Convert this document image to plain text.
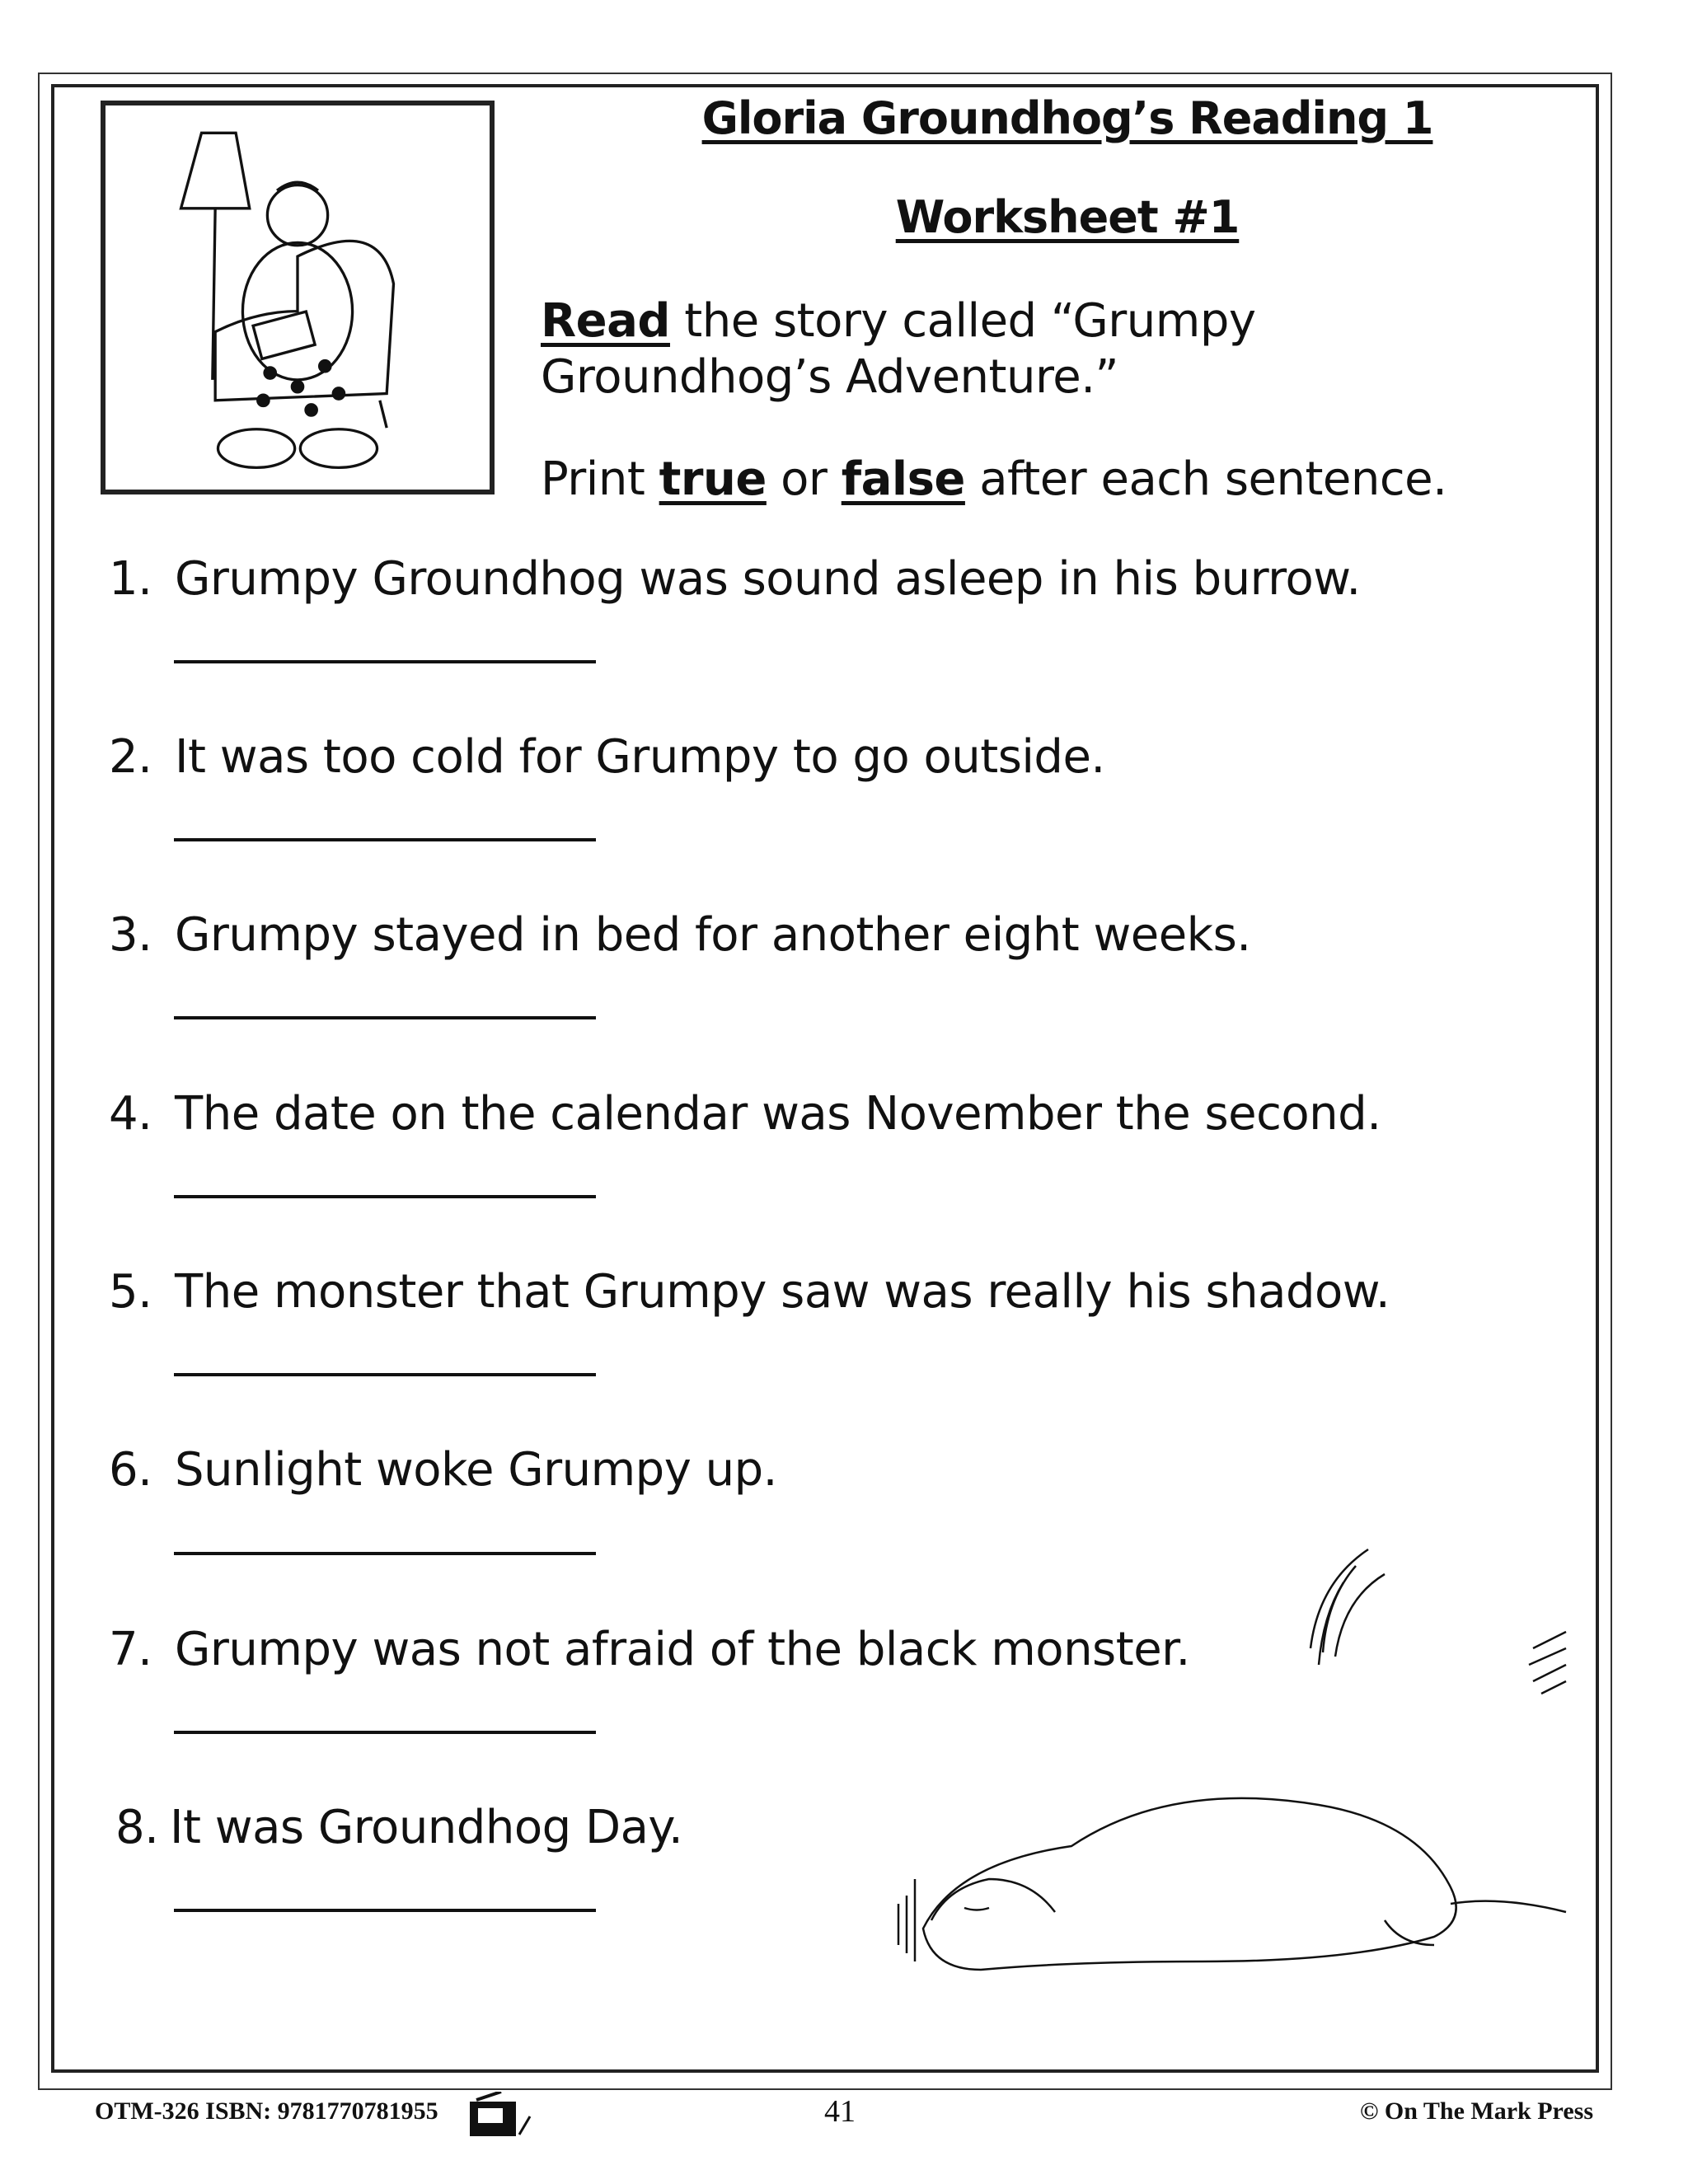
Gloria Groundhog’s Reading 1
Worksheet #1
Read the story called “Grumpy
Groundhog’s Adventure.”
Print true or false after each sentence.
1. Grumpy Groundhog was sound asleep in his burrow.
2. It was too cold for Grumpy to go outside.
3. Grumpy stayed in bed for another eight weeks.
4. The date on the calendar was November the second.
5. The monster that Grumpy saw was really his shadow.
6. Sunlight woke Grumpy up.
7. Grumpy was not afraid of the black monster.
8. It was Groundhog Day.
OTM-326 ISBN: 9781770781955	41	© On The Mark Press
